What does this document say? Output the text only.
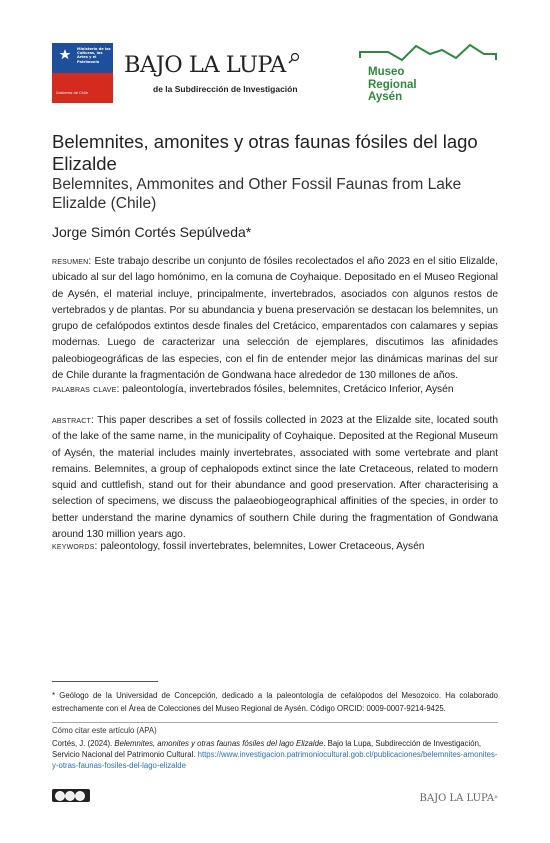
Ministerio de las Culturas, las Artes y el Patrimonio
Gobierno de Chile
BAJO LA LUPA
de la Subdirección de Investigación
Museo
Regional
Aysén
Belemnites, amonites y otras faunas fósiles del lago Elizalde
Belemnites, Ammonites and Other Fossil Faunas from Lake Elizalde (Chile)
Jorge Simón Cortés Sepúlveda*
resumen: Este trabajo describe un conjunto de fósiles recolectados el año 2023 en el sitio Elizalde, ubicado al sur del lago homónimo, en la comuna de Coyhaique. Depositado en el Museo Regional de Aysén, el material incluye, principalmente, invertebrados, asociados con algunos restos de vertebrados y de plantas. Por su abundancia y buena preservación se destacan los belemnites, un grupo de cefalópodos extintos desde finales del Cretácico, emparentados con calamares y sepias modernas. Luego de caracterizar una selección de ejemplares, discutimos las afinidades paleobiogeográficas de las especies, con el fin de entender mejor las dinámicas marinas del sur de Chile durante la fragmentación de Gondwana hace alrededor de 130 millones de años.
palabras clave: paleontología, invertebrados fósiles, belemnites, Cretácico Inferior, Aysén
abstract: This paper describes a set of fossils collected in 2023 at the Elizalde site, located south of the lake of the same name, in the municipality of Coyhaique. Deposited at the Regional Museum of Aysén, the material includes mainly invertebrates, associated with some vertebrate and plant remains. Belemnites, a group of cephalopods extinct since the late Cretaceous, related to modern squid and cuttlefish, stand out for their abundance and good preservation. After characterising a selection of specimens, we discuss the palaeobiogeographical affinities of the species, in order to better understand the marine dynamics of southern Chile during the fragmentation of Gondwana around 130 million years ago.
keywords: paleontology, fossil invertebrates, belemnites, Lower Cretaceous, Aysén
* Geólogo de la Universidad de Concepción, dedicado a la paleontología de cefalópodos del Mesozoico. Ha colaborado estrechamente con el Área de Colecciones del Museo Regional de Aysén. Código ORCID: 0009-0007-9214-9425.
Cómo citar este artículo (APA)
Cortés, J. (2024). Belemnites, amonites y otras faunas fósiles del lago Elizalde. Bajo la Lupa, Subdirección de Investigación, Servicio Nacional del Patrimonio Cultural. https://www.investigacion.patrimoniocultural.gob.cl/publicaciones/belemnites-amonites-y-otras-faunas-fosiles-del-lago-elizalde
BAJO LA LUPA⌕
